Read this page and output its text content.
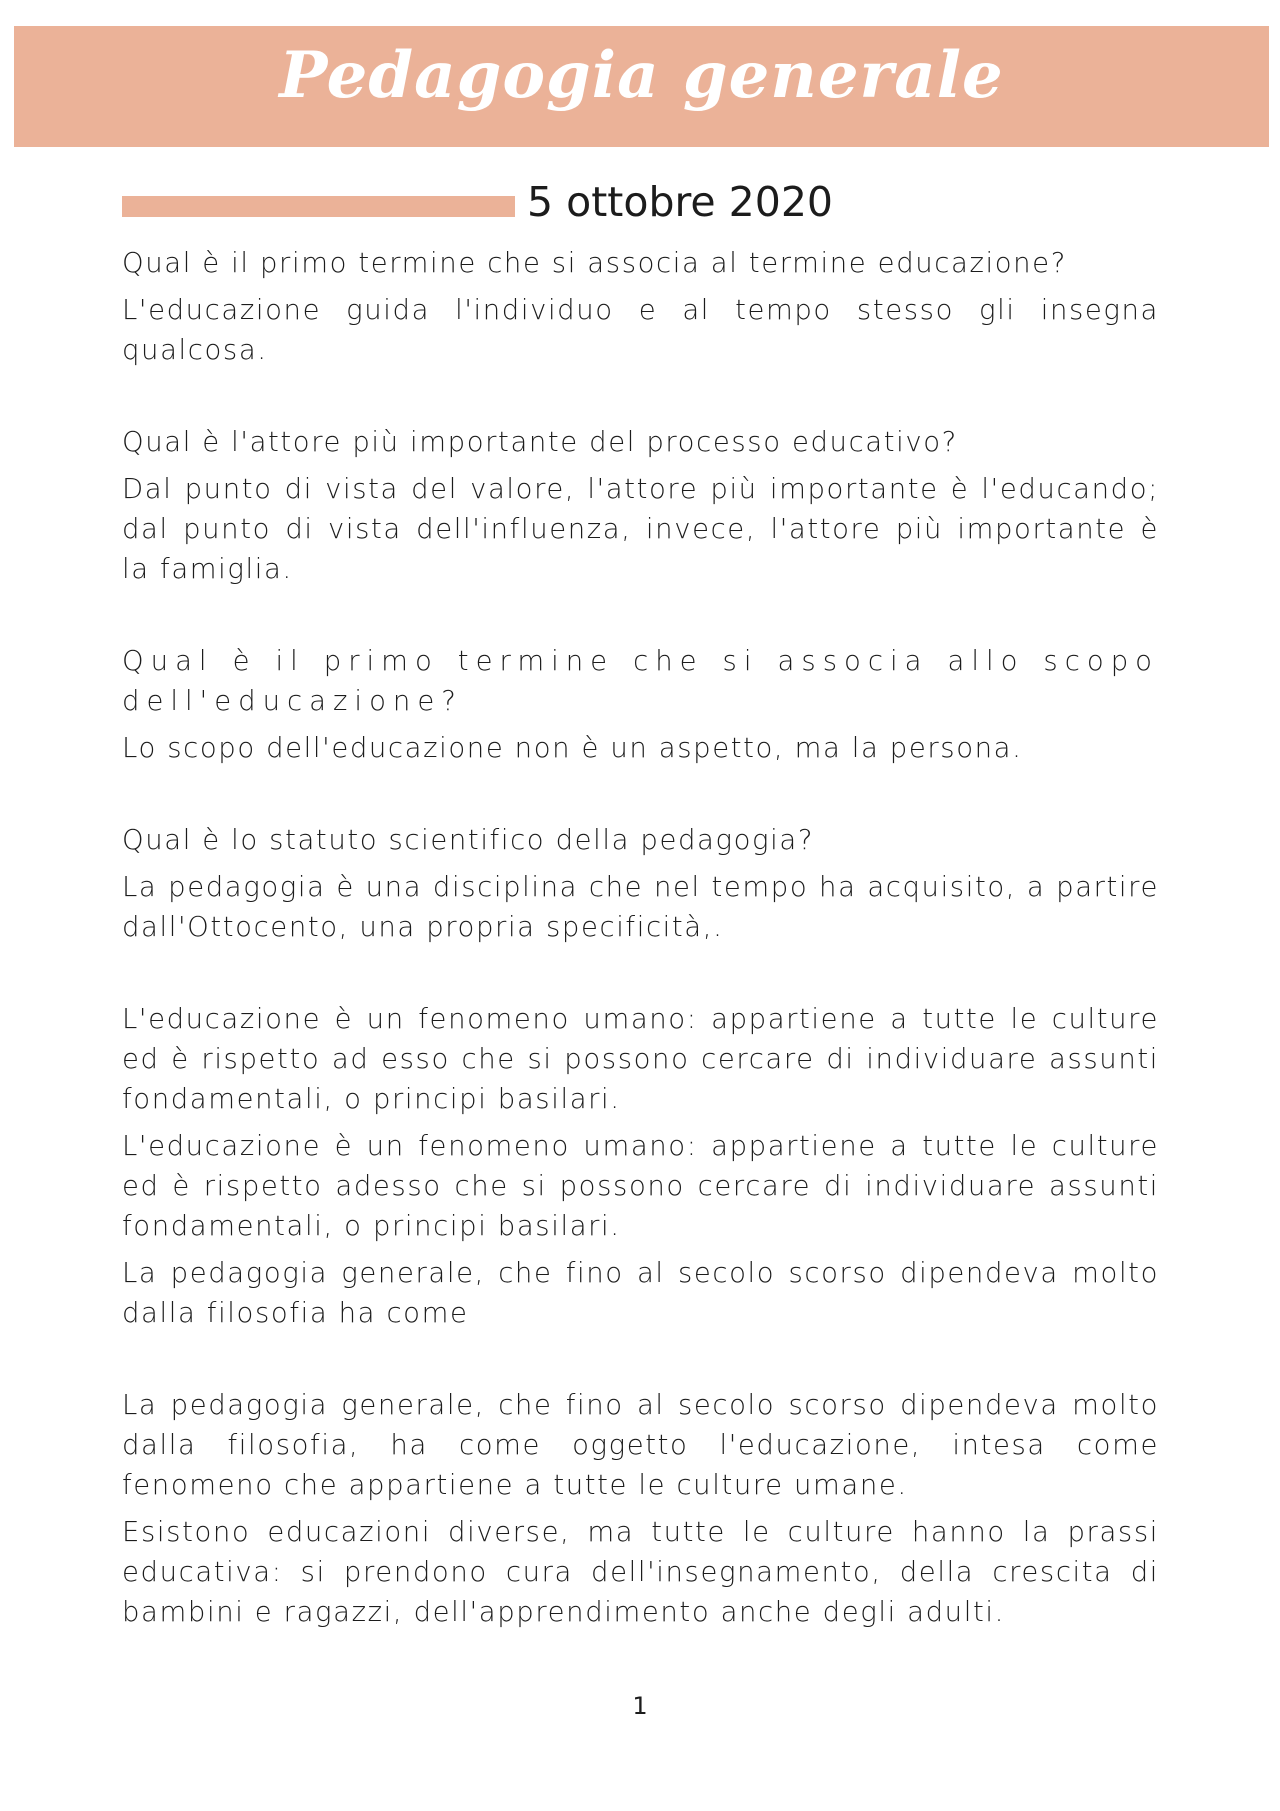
Pedagogia generale
5 ottobre 2020

Qual è il primo termine che si associa al termine educazione?

L'educazione guida l'individuo e al tempo stesso gli insegna qualcosa.

Qual è l'attore più importante del processo educativo?

Dal punto di vista del valore, l'attore più importante è l'educando; dal punto di vista dell'influenza, invece, l'attore più importante è la famiglia.

Qual è il primo termine che si associa allo scopo dell'educazione?

Lo scopo dell'educazione non è un aspetto, ma la persona.

Qual è lo statuto scientifico della pedagogia?

La pedagogia è una disciplina che nel tempo ha acquisito, a partire dall'Ottocento, una propria specificità,.

L'educazione è un fenomeno umano: appartiene a tutte le culture ed è rispetto ad esso che si possono cercare di individuare assunti fondamentali, o principi basilari.

L'educazione è un fenomeno umano: appartiene a tutte le culture ed è rispetto adesso che si possono cercare di individuare assunti fondamentali, o principi basilari.

La pedagogia generale, che fino al secolo scorso dipendeva molto dalla filosofia ha come

La pedagogia generale, che fino al secolo scorso dipendeva molto dalla filosofia, ha come oggetto l'educazione, intesa come fenomeno che appartiene a tutte le culture umane.

Esistono educazioni diverse, ma tutte le culture hanno la prassi educativa: si prendono cura dell'insegnamento, della crescita di bambini e ragazzi, dell'apprendimento anche degli adulti.

1
